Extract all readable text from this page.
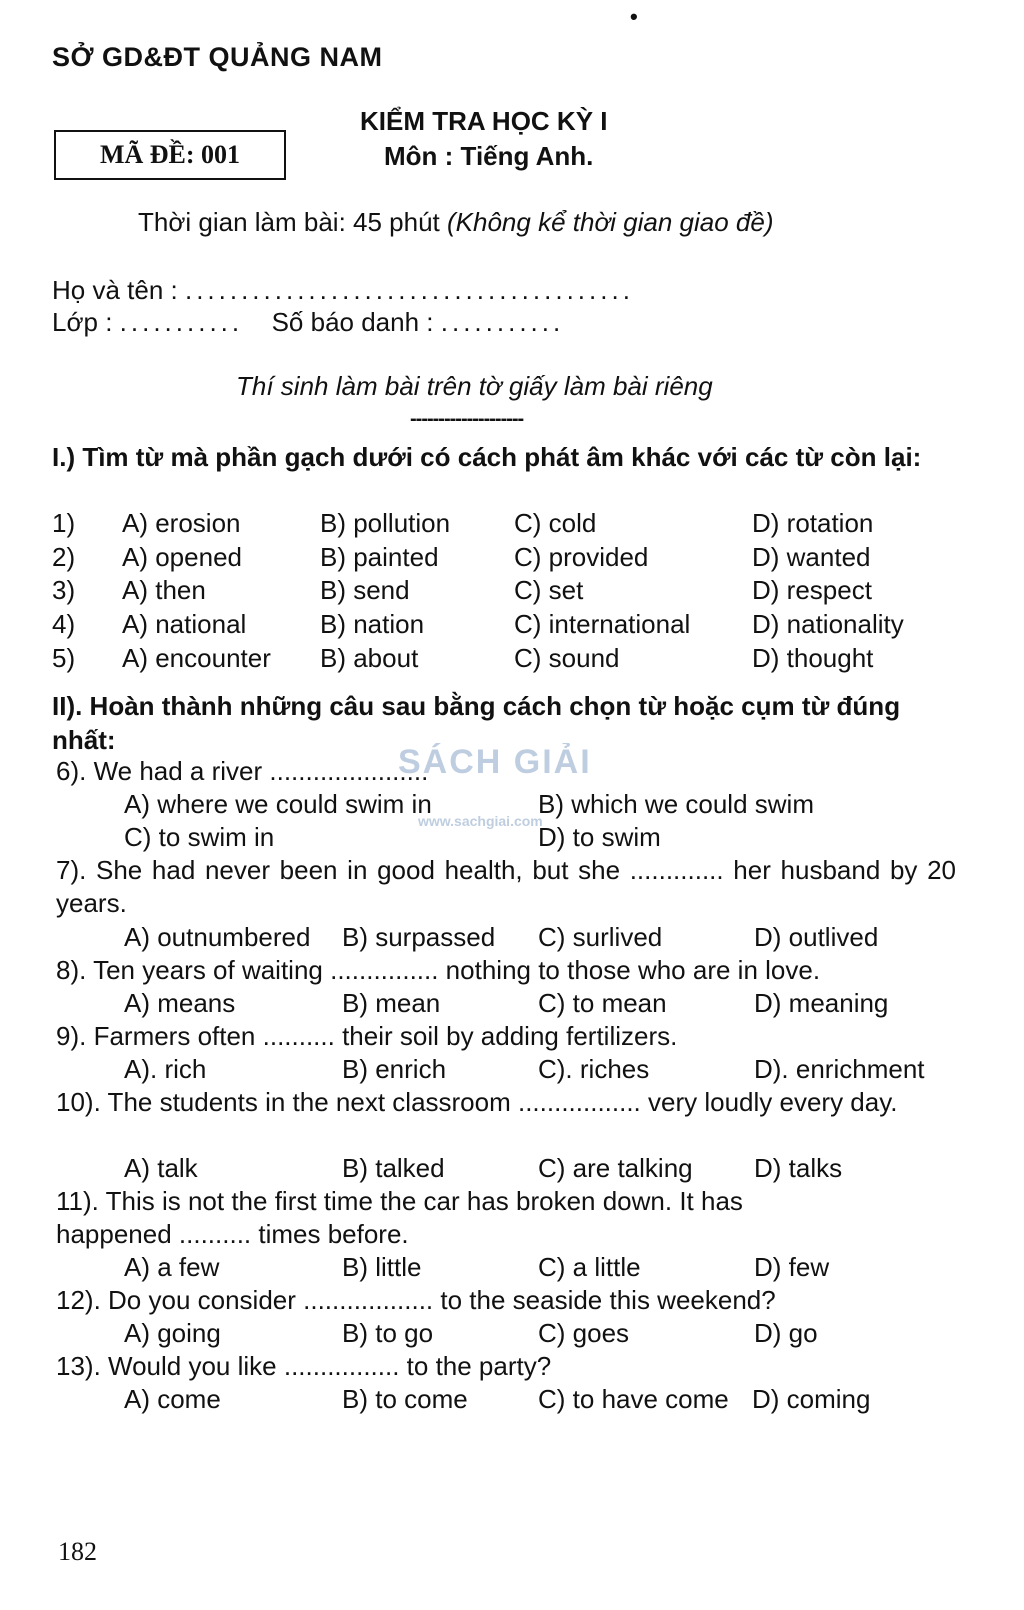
•
SỞ GD&ĐT QUẢNG NAM
MÃ ĐỀ: 001
KIỂM TRA HỌC KỲ I
Môn : Tiếng Anh.
Thời gian làm bài: 45 phút (Không kể thời gian giao đề)
Họ và tên : ........................................
Lớp : ........... Số báo danh : ...........
Thí sinh làm bài trên tờ giấy làm bài riêng
--------------------
I.) Tìm từ mà phần gạch dưới có cách phát âm khác với các từ còn lại:
1) A) erosion	B) pollution C) cold	D) rotation
2) A) opened	B) painted	C) provided	D) wanted
3) A) then	B) send	C) set	D) respect
4) A) national	B) nation	C) international D) nationality
5) A) encounter B) about	C) sound	D) thought
II). Hoàn thành những câu sau bằng cách chọn từ hoặc cụm từ đúng nhất:
6). We had a river ......................
A) where we could swim in	B) which we could swim
C) to swim in	D) to swim
7). She had never been in good health, but she ............. her husband by 20 years.
A) outnumbered B) surpassed C) surlived	D) outlived
8). Ten years of waiting ............... nothing to those who are in love.
A) means	B) mean	C) to mean	D) meaning
9). Farmers often .......... their soil by adding fertilizers.
A). rich	B) enrich	C). riches	D). enrichment
10). The students in the next classroom ................. very loudly every day.
A) talk	B) talked	C) are talking D) talks
11). This is not the first time the car has broken down. It has happened .......... times before.
A) a few	B) little	C) a little	D) few
12). Do you consider .................. to the seaside this weekend?
A) going	B) to go	C) goes	D) go
13). Would you like ................ to the party?
A) come	B) to come	C) to have come D) coming
SÁCH GIẢI
www.sachgiai.com
182
